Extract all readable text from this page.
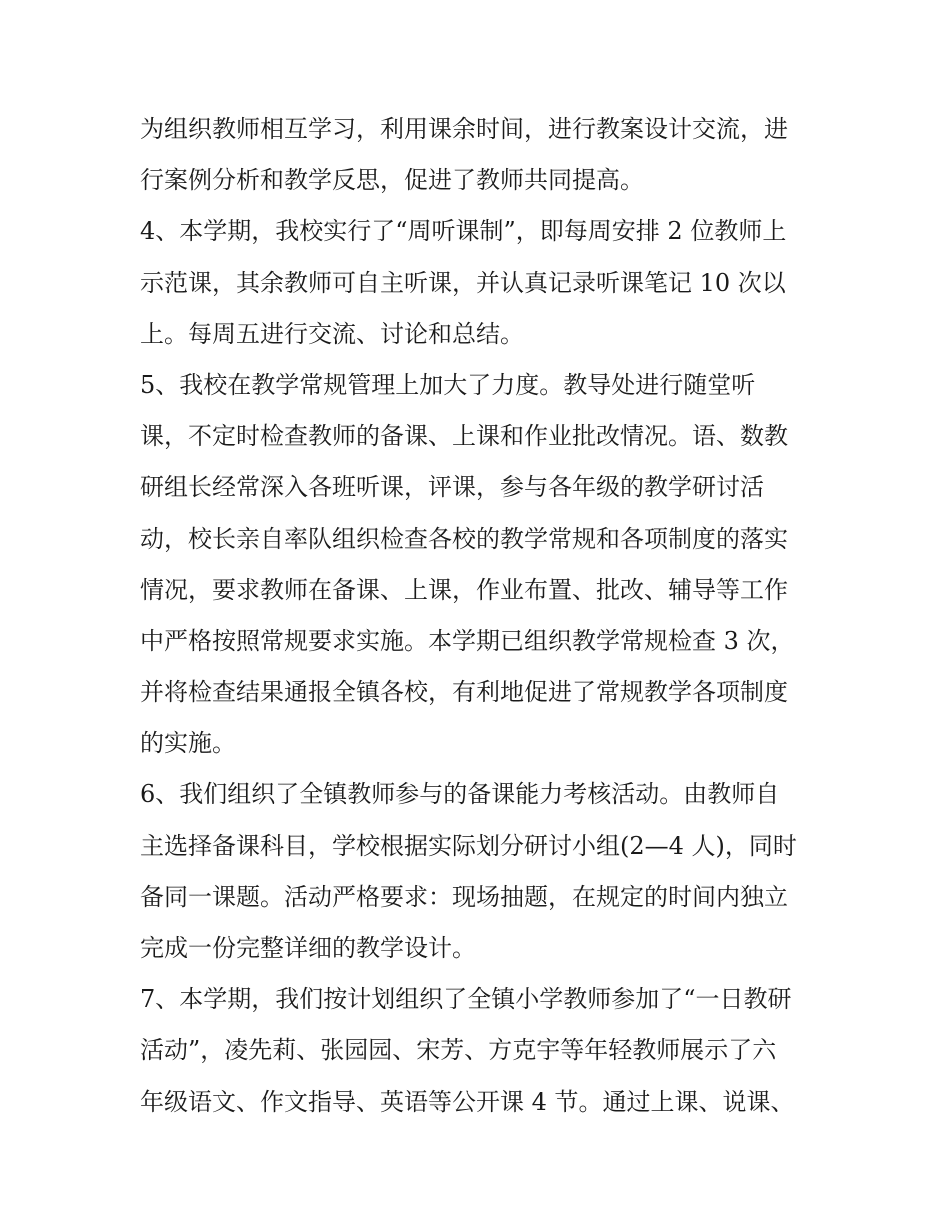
为组织教师相互学习，利用课余时间，进行教案设计交流，进
行案例分析和教学反思，促进了教师共同提高。
4、本学期，我校实行了“周听课制”，即每周安排 2 位教师上
示范课，其余教师可自主听课，并认真记录听课笔记 10 次以
上。每周五进行交流、讨论和总结。
5、我校在教学常规管理上加大了力度。教导处进行随堂听
课，不定时检查教师的备课、上课和作业批改情况。语、数教
研组长经常深入各班听课，评课，参与各年级的教学研讨活
动，校长亲自率队组织检查各校的教学常规和各项制度的落实
情况，要求教师在备课、上课，作业布置、批改、辅导等工作
中严格按照常规要求实施。本学期已组织教学常规检查 3 次，
并将检查结果通报全镇各校，有利地促进了常规教学各项制度
的实施。
6、我们组织了全镇教师参与的备课能力考核活动。由教师自
主选择备课科目，学校根据实际划分研讨小组(2—4 人)，同时
备同一课题。活动严格要求：现场抽题，在规定的时间内独立
完成一份完整详细的教学设计。
7、本学期，我们按计划组织了全镇小学教师参加了“一日教研
活动”，凌先莉、张园园、宋芳、方克宇等年轻教师展示了六
年级语文、作文指导、英语等公开课 4 节。通过上课、说课、
